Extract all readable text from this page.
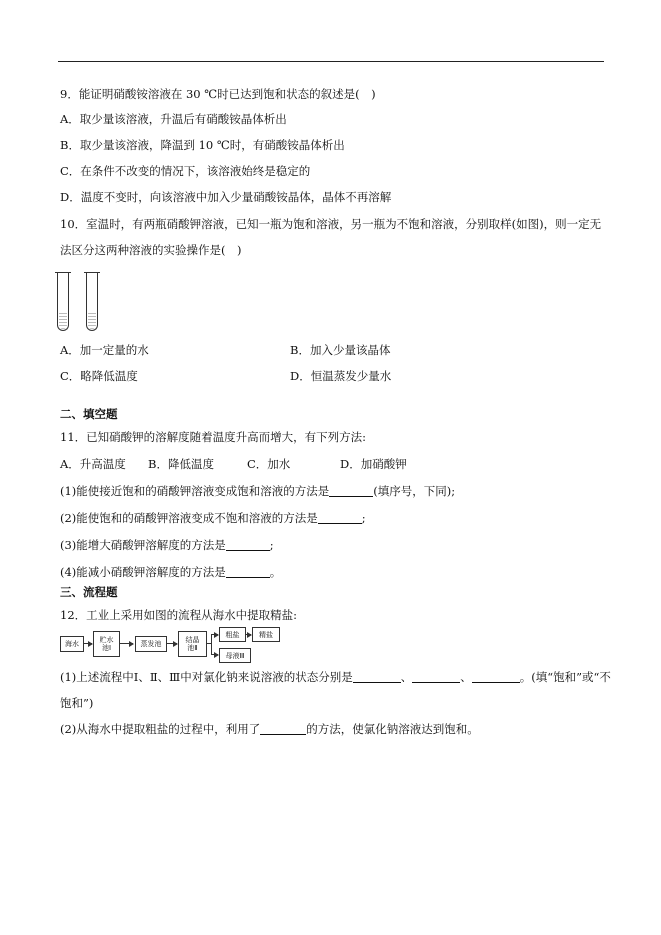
9．能证明硝酸铵溶液在 30 ℃时已达到饱和状态的叙述是(　)
A．取少量该溶液，升温后有硝酸铵晶体析出
B．取少量该溶液，降温到 10 ℃时，有硝酸铵晶体析出
C．在条件不改变的情况下，该溶液始终是稳定的
D．温度不变时，向该溶液中加入少量硝酸铵晶体，晶体不再溶解
10．室温时，有两瓶硝酸钾溶液，已知一瓶为饱和溶液，另一瓶为不饱和溶液，分别取样(如图)，则一定无
法区分这两种溶液的实验操作是(　)
A．加一定量的水	B．加入少量该晶体
C．略降低温度	D．恒温蒸发少量水
二、填空题
11．已知硝酸钾的溶解度随着温度升高而增大，有下列方法:
A．升高温度 B．降低温度	C．加水	D．加硝酸钾
(1)能使接近饱和的硝酸钾溶液变成饱和溶液的方法是	(填序号，下同);
(2)能使饱和的硝酸钾溶液变成不饱和溶液的方法是	;
(3)能增大硝酸钾溶解度的方法是	;
(4)能减小硝酸钾溶解度的方法是	。
三、流程题
12．工业上采用如图的流程从海水中提取精盐:
海水	贮水
池Ⅰ	蒸发池	结晶
池Ⅱ
粗盐	精盐
母液Ⅲ
(1)上述流程中Ⅰ、Ⅱ、Ⅲ中对氯化钠来说溶液的状态分别是	、	、	。(填“饱和”或“不
饱和”)
(2)从海水中提取粗盐的过程中，利用了	的方法，使氯化钠溶液达到饱和。
